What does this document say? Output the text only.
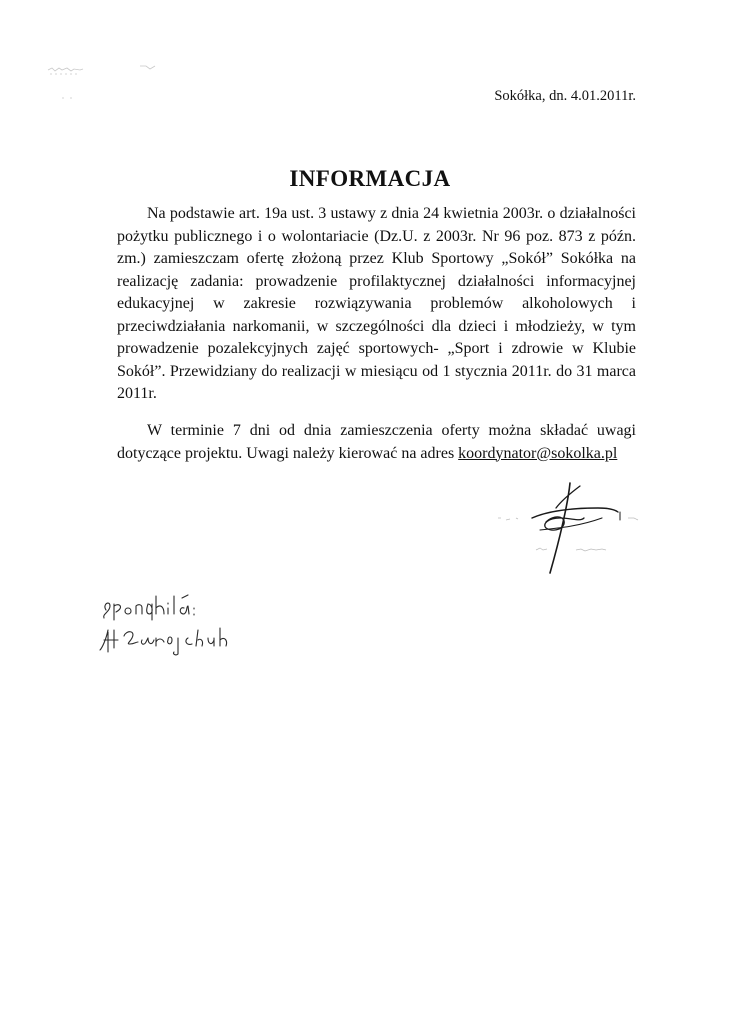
Sokółka, dn. 4.01.2011r.
INFORMACJA

Na podstawie art. 19a ust. 3 ustawy z dnia 24 kwietnia 2003r. o działalności pożytku publicznego i o wolontariacie (Dz.U. z 2003r. Nr 96 poz. 873 z późn. zm.) zamieszczam ofertę złożoną przez Klub Sportowy „Sokół” Sokółka na realizację zadania: prowadzenie profilaktycznej działalności informacyjnej edukacyjnej w zakresie rozwiązywania problemów alkoholowych i przeciwdziałania narkomanii, w szczególności dla dzieci i młodzieży, w tym prowadzenie pozalekcyjnych zajęć sportowych- „Sport i zdrowie w Klubie Sokół”. Przewidziany do realizacji w miesiącu od 1 stycznia 2011r. do 31 marca 2011r.

W terminie 7 dni od dnia zamieszczenia oferty można składać uwagi dotyczące projektu. Uwagi należy kierować na adres koordynator@sokolka.pl
